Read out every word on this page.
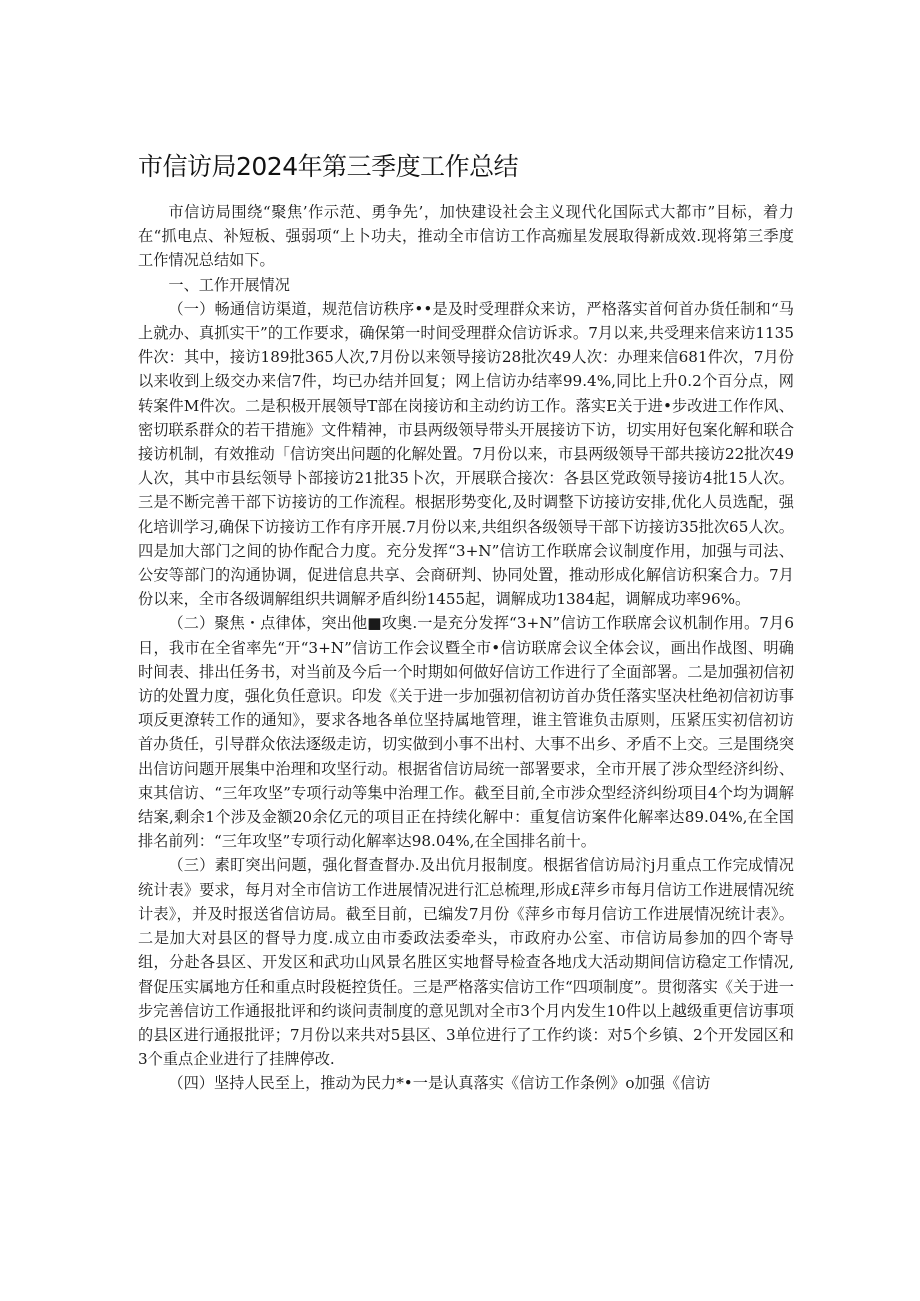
市信访局2024年第三季度工作总结

市信访局围绕“聚焦’作示范、勇争先’，加快建设社会主义现代化国际式大都市”目标，着力在“抓电点、补短板、强弱项“上卜功夫，推动全市信访工作高痂星发展取得新成效.现将第三季度工作情况总结如下。

一、工作开展情况

（一）畅通信访渠道，规范信访秩序••是及时受理群众来访，严格落实首何首办货任制和“马上就办、真抓实干”的工作要求，确保第一时间受理群众信访诉求。7月以来,共受理来信来访1135件次：其中，接访189批365人次,7月份以来领导接访28批次49人次：办理来信681件次，7月份以来收到上级交办来信7件，均已办结并回复；网上信访办结率99.4%,同比上升0.2个百分点，网转案件M件次。二是积极开展领导T部在岗接访和主动约访工作。落实E关于进•步改进工作作风、密切联系群众的若干措施》文件精神，市县两级领导带头开展接访下访，切实用好包案化解和联合接访机制，有效推动「信访突出问题的化解处置。7月份以来，市县两级领导干部共接访22批次49人次，其中市县纭领导卜部接访21批35卜次，开展联合接次：各县区党政领导接访4批15人次。三是不断完善干部下访接访的工作流程。根据形势变化,及时调整下访接访安排,优化人员选配，强化培训学习,确保下访接访工作有序开展.7月份以来,共组织各级领导干部下访接访35批次65人次。四是加大部门之间的协作配合力度。充分发挥“3+N”信访工作联席会议制度作用，加强与司法、公安等部门的沟通协调，促进信息共享、会商研判、协同处置，推动形成化解信访积案合力。7月份以来，全市各级调解组织共调解矛盾纠纷1455起，调解成功1384起，调解成功率96%。

（二）聚焦・点律体，突出他■攻奥.一是充分发挥“3+N”信访工作联席会议机制作用。7月6日，我市在全省率先“开“3+N”信访工作会议暨全市•信访联席会议全体会议，画出作战图、明确时间表、排出任务书，对当前及今后一个时期如何做好信访工作进行了全面部署。二是加强初信初访的处置力度，强化负任意识。印发《关于进一步加强初信初访首办货任落实坚决杜绝初信初访事项反更潦转工作的通知》，要求各地各单位坚持属地管理，谁主管谁负击原则，压紧压实初信初访首办货任，引导群众依法逐级走访，切实做到小事不出村、大事不出乡、矛盾不上交。三是围绕突出信访问题开展集中治理和攻坚行动。根据省信访局统一部署要求，全市开展了涉众型经济纠纷、束其信访、“三年攻坚”专项行动等集中治理工作。截至目前,全市涉众型经济纠纷项目4个均为调解结案,剩余1个涉及金额20余亿元的项目正在持续化解中：重复信访案件化解率达89.04%,在全国排名前列：“三年攻坚”专项行动化解率达98.04%,在全国排名前十。

（三）素盯突出问题，强化督查督办.及出伉月报制度。根据省信访局汴j月重点工作完成情况统计表》要求，每月对全市信访工作进展情况进行汇总梳理,形成£萍乡市每月信访工作进展情况统计表》，并及时报送省信访局。截至目前，已编发7月份《萍乡市每月信访工作进展情况统计表》。二是加大对县区的督导力度.成立由市委政法委牵头，市政府办公室、市信访局参加的四个寄导组，分赴各县区、开发区和武功山风景名胜区实地督导检查各地戊大活动期间信访稳定工作情况,督促压实属地方任和重点时段梃控货任。三是严格落实信访工作“四项制度”。贯彻落实《关于进一步完善信访工作通报批评和约谈问责制度的意见凯对全市3个月内发生10件以上越级重更信访事项的县区进行通报批评；7月份以来共对5县区、3单位进行了工作约谈：对5个乡镇、2个开发园区和3个重点企业进行了挂牌停改.

（四）坚持人民至上，推动为民力*•一是认真落实《信访工作条例》o加强《信访
